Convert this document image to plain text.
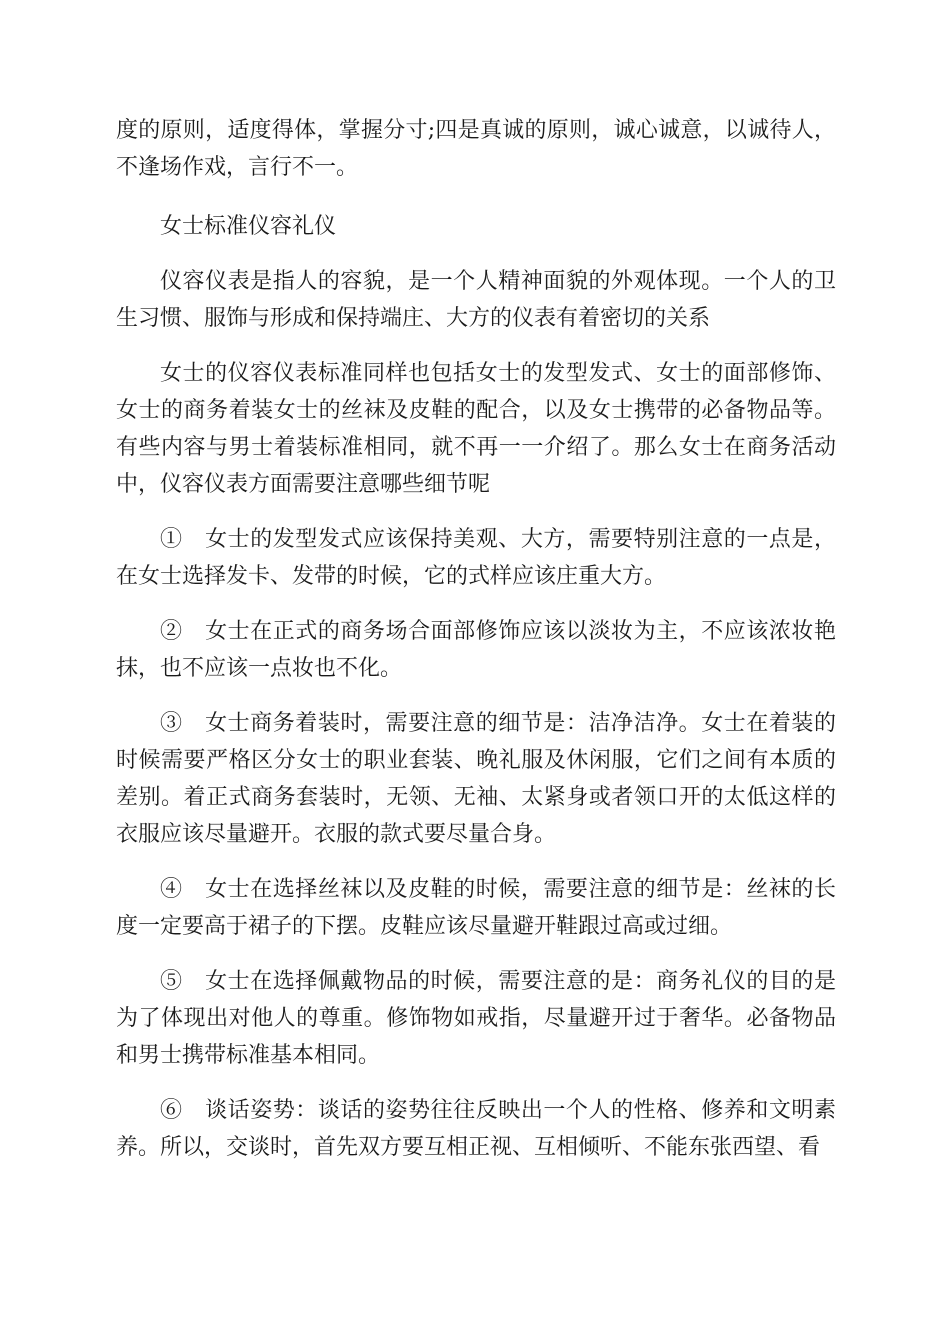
度的原则，适度得体，掌握分寸;四是真诚的原则，诚心诚意，以诚待人，不逢场作戏，言行不一。

女士标准仪容礼仪

仪容仪表是指人的容貌，是一个人精神面貌的外观体现。一个人的卫生习惯、服饰与形成和保持端庄、大方的仪表有着密切的关系

女士的仪容仪表标准同样也包括女士的发型发式、女士的面部修饰、女士的商务着装女士的丝袜及皮鞋的配合，以及女士携带的必备物品等。有些内容与男士着装标准相同，就不再一一介绍了。那么女士在商务活动中，仪容仪表方面需要注意哪些细节呢

①　女士的发型发式应该保持美观、大方，需要特别注意的一点是，在女士选择发卡、发带的时候，它的式样应该庄重大方。

②　女士在正式的商务场合面部修饰应该以淡妆为主，不应该浓妆艳抹，也不应该一点妆也不化。

③　女士商务着装时，需要注意的细节是：洁净洁净。女士在着装的时候需要严格区分女士的职业套装、晚礼服及休闲服，它们之间有本质的差别。着正式商务套装时，无领、无袖、太紧身或者领口开的太低这样的衣服应该尽量避开。衣服的款式要尽量合身。

④　女士在选择丝袜以及皮鞋的时候，需要注意的细节是：丝袜的长度一定要高于裙子的下摆。皮鞋应该尽量避开鞋跟过高或过细。

⑤　女士在选择佩戴物品的时候，需要注意的是：商务礼仪的目的是为了体现出对他人的尊重。修饰物如戒指，尽量避开过于奢华。必备物品和男士携带标准基本相同。

⑥　谈话姿势：谈话的姿势往往反映出一个人的性格、修养和文明素养。所以，交谈时，首先双方要互相正视、互相倾听、不能东张西望、看
